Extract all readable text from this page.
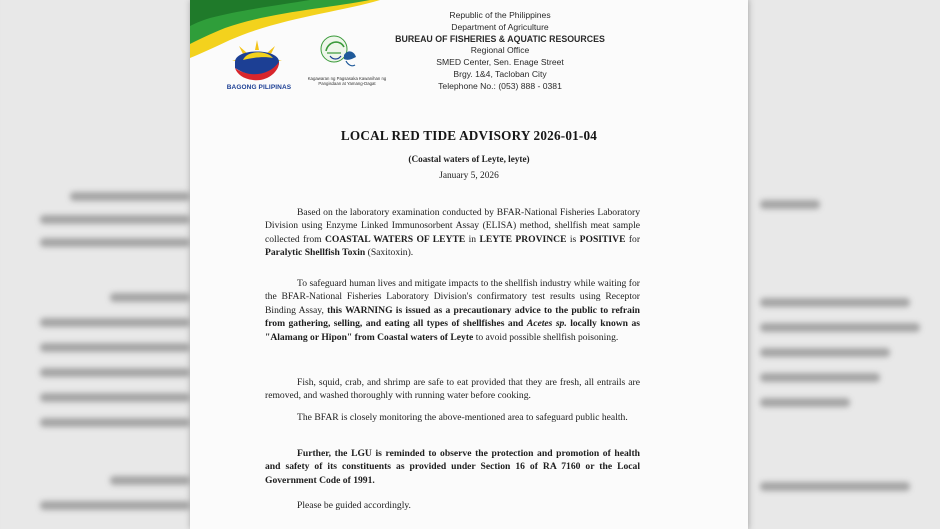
BAGONG PILIPINAS
Kagawaran ng Pagsasaka Kawanihan ng Pangisdaan at Yamang-Dagat
Republic of the Philippines
Department of Agriculture
BUREAU OF FISHERIES & AQUATIC RESOURCES
Regional Office
SMED Center, Sen. Enage Street
Brgy. 1&4, Tacloban City
Telephone No.: (053) 888 - 0381
LOCAL RED TIDE ADVISORY 2026-01-04
(Coastal waters of Leyte, leyte)
January 5, 2026
Based on the laboratory examination conducted by BFAR-National Fisheries Laboratory Division using Enzyme Linked Immunosorbent Assay (ELISA) method, shellfish meat sample collected from COASTAL WATERS OF LEYTE in LEYTE PROVINCE is POSITIVE for Paralytic Shellfish Toxin (Saxitoxin).
To safeguard human lives and mitigate impacts to the shellfish industry while waiting for the BFAR-National Fisheries Laboratory Division's confirmatory test results using Receptor Binding Assay, this WARNING is issued as a precautionary advice to the public to refrain from gathering, selling, and eating all types of shellfishes and Acetes sp. locally known as "Alamang or Hipon" from Coastal waters of Leyte to avoid possible shellfish poisoning.
Fish, squid, crab, and shrimp are safe to eat provided that they are fresh, all entrails are removed, and washed thoroughly with running water before cooking.
The BFAR is closely monitoring the above-mentioned area to safeguard public health.
Further, the LGU is reminded to observe the protection and promotion of health and safety of its constituents as provided under Section 16 of RA 7160 or the Local Government Code of 1991.
Please be guided accordingly.
